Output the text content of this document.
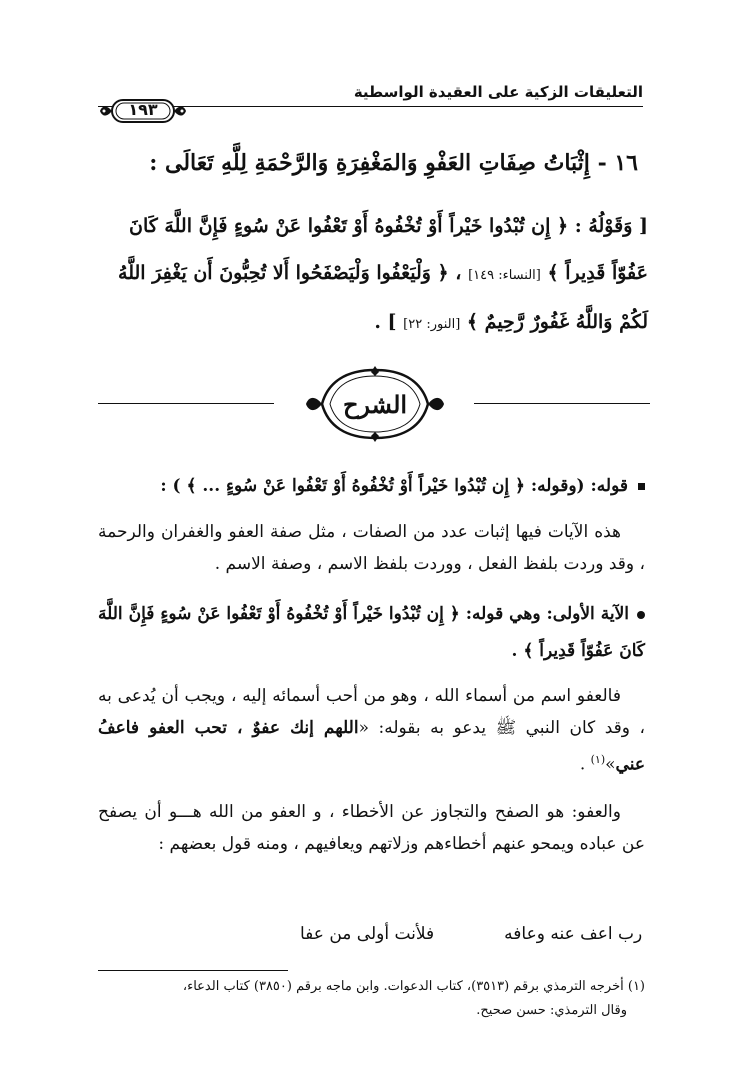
التعليقات الزكية على العقيدة الواسطية
١٩٣
١٦ - إِثْبَاتُ صِفَاتِ العَفْوِ وَالمَغْفِرَةِ وَالرَّحْمَةِ لِلَّهِ تَعَالَى :
[ وَقَوْلُهُ : ﴿ إِن تُبْدُوا خَيْراً أَوْ تُخْفُوهُ أَوْ تَعْفُوا عَنْ سُوءٍ فَإِنَّ اللَّهَ كَانَ
عَفُوّاً قَدِيراً ﴾ [النساء: ١٤٩] ، ﴿ وَلْيَعْفُوا وَلْيَصْفَحُوا أَلا تُحِبُّونَ أَن يَغْفِرَ اللَّهُ
لَكُمْ وَاللَّهُ غَفُورٌ رَّحِيمٌ ﴾ [النور: ٢٢] ] .
الشرح
قوله: (وقوله: ﴿ إِن تُبْدُوا خَيْراً أَوْ تُخْفُوهُ أَوْ تَعْفُوا عَنْ سُوءٍ ... ﴾ ) :
هذه الآيات فيها إثبات عدد من الصفات ، مثل صفة العفو والغفران والرحمة ، وقد وردت بلفظ الفعل ، ووردت بلفظ الاسم ، وصفة الاسم .
الآية الأولى: وهي قوله: ﴿ إِن تُبْدُوا خَيْراً أَوْ تُخْفُوهُ أَوْ تَعْفُوا عَنْ سُوءٍ فَإِنَّ اللَّهَ كَانَ عَفُوّاً قَدِيراً ﴾ .
فالعفو اسم من أسماء الله ، وهو من أحب أسمائه إليه ، ويجب أن يُدعى به ، وقد كان النبي ﷺ يدعو به بقوله: «اللهم إنك عفوٌ ، تحب العفو فاعفُ عني»$^{(١)}$ .
والعفو: هو الصفح والتجاوز عن الأخطاء ، و العفو من الله هـــو أن يصفح عن عباده ويمحو عنهم أخطاءهم وزلاتهم ويعافيهم ، ومنه قول بعضهم :
رب اعف عنه وعافهفلأنت أولى من عفا
(١) أخرجه الترمذي برقم (٣٥١٣)، كتاب الدعوات. وابن ماجه برقم (٣٨٥٠) كتاب الدعاء،
وقال الترمذي: حسن صحيح.
